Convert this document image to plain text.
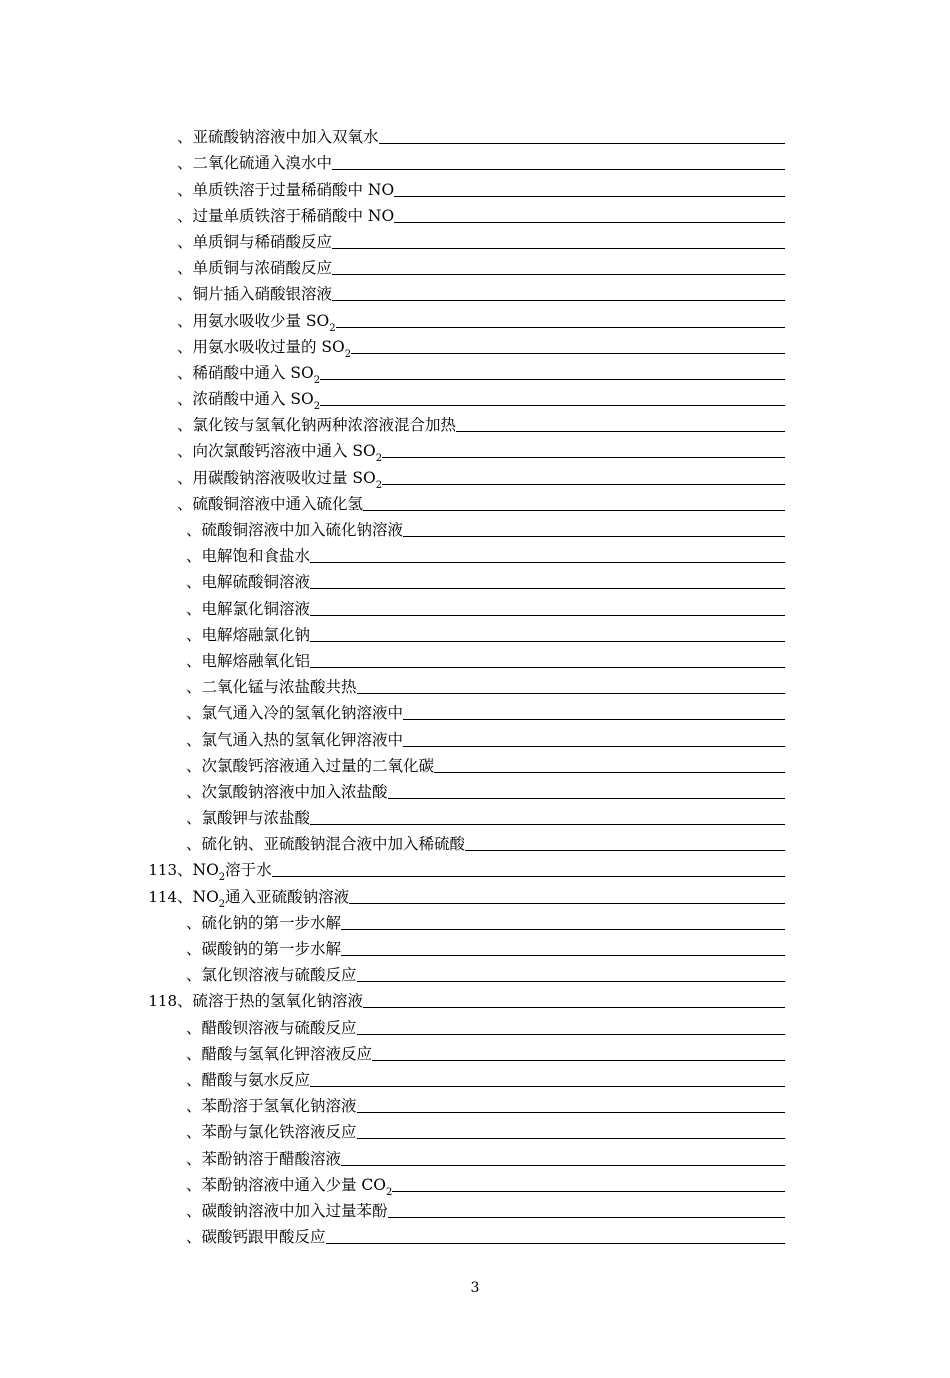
、亚硫酸钠溶液中加入双氧水
、二氧化硫通入溴水中
、单质铁溶于过量稀硝酸中 NO
、过量单质铁溶于稀硝酸中 NO
、单质铜与稀硝酸反应
、单质铜与浓硝酸反应
、铜片插入硝酸银溶液
、用氨水吸收少量 $SO_2$
、用氨水吸收过量的 $SO_2$
、稀硝酸中通入 $SO_2$
、浓硝酸中通入 $SO_2$
、氯化铵与氢氧化钠两种浓溶液混合加热
、向次氯酸钙溶液中通入 $SO_2$
、用碳酸钠溶液吸收过量 $SO_2$
、硫酸铜溶液中通入硫化氢
、硫酸铜溶液中加入硫化钠溶液
、电解饱和食盐水
、电解硫酸铜溶液
、电解氯化铜溶液
、电解熔融氯化钠
、电解熔融氧化铝
、二氧化锰与浓盐酸共热
、氯气通入冷的氢氧化钠溶液中
、氯气通入热的氢氧化钾溶液中
、次氯酸钙溶液通入过量的二氧化碳
、次氯酸钠溶液中加入浓盐酸
、氯酸钾与浓盐酸
、硫化钠、亚硫酸钠混合液中加入稀硫酸
113 、$NO_2$溶于水
114 、$NO_2$通入亚硫酸钠溶液
、硫化钠的第一步水解
、碳酸钠的第一步水解
、氯化钡溶液与硫酸反应
118 、硫溶于热的氢氧化钠溶液
、醋酸钡溶液与硫酸反应
、醋酸与氢氧化钾溶液反应
、醋酸与氨水反应
、苯酚溶于氢氧化钠溶液
、苯酚与氯化铁溶液反应
、苯酚钠溶于醋酸溶液
、苯酚钠溶液中通入少量 $CO_2$
、碳酸钠溶液中加入过量苯酚
、碳酸钙跟甲酸反应
3
